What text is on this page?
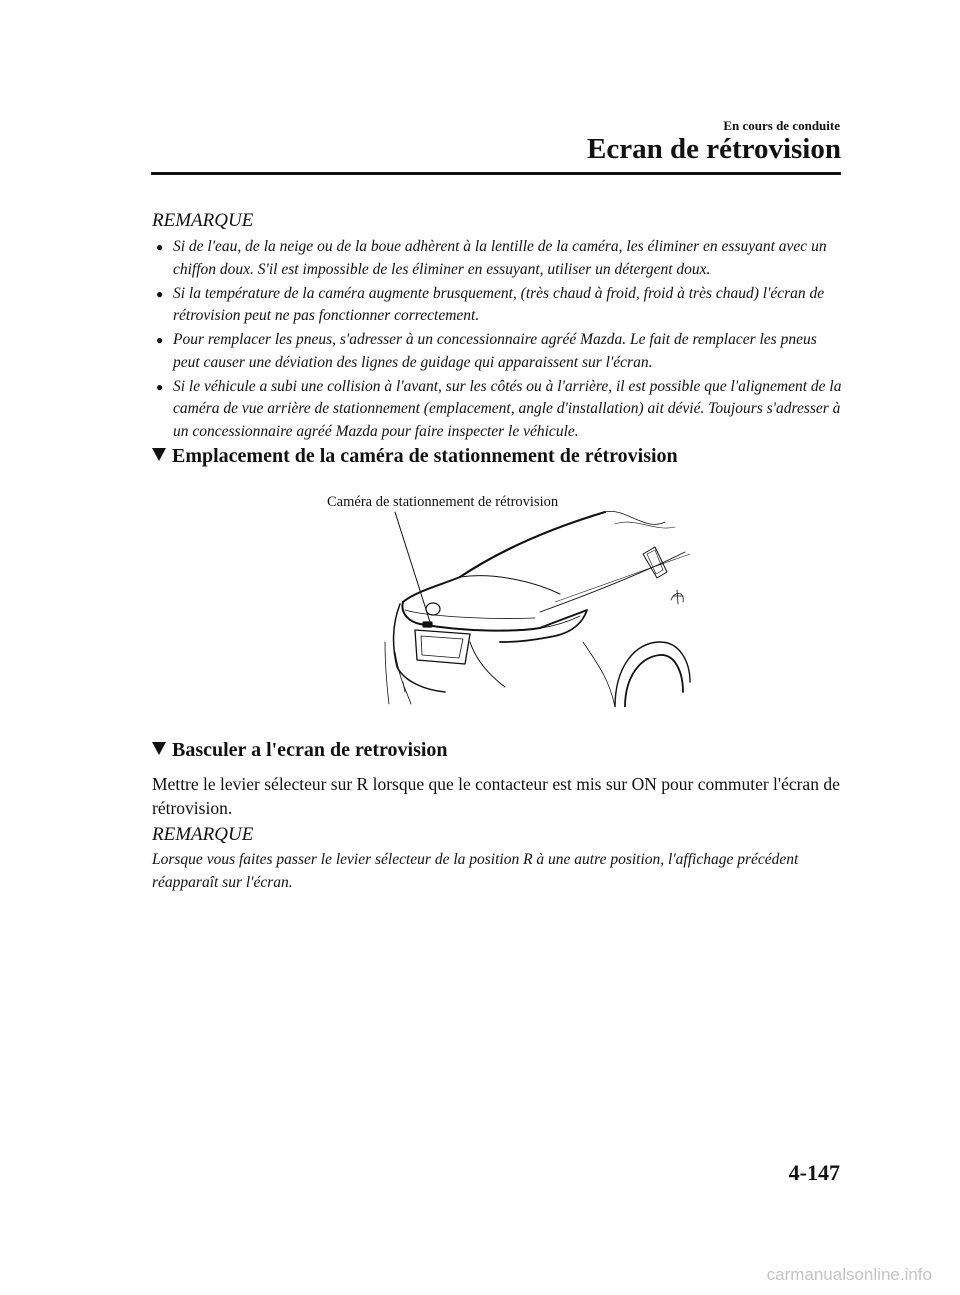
En cours de conduite
Ecran de rétrovision
REMARQUE
● Si de l'eau, de la neige ou de la boue adhèrent à la lentille de la caméra, les éliminer en essuyant avec un chiffon doux. S'il est impossible de les éliminer en essuyant, utiliser un détergent doux.
● Si la température de la caméra augmente brusquement, (très chaud à froid, froid à très chaud) l'écran de rétrovision peut ne pas fonctionner correctement.
● Pour remplacer les pneus, s'adresser à un concessionnaire agréé Mazda. Le fait de remplacer les pneus peut causer une déviation des lignes de guidage qui apparaissent sur l'écran.
● Si le véhicule a subi une collision à l'avant, sur les côtés ou à l'arrière, il est possible que l'alignement de la caméra de vue arrière de stationnement (emplacement, angle d'installation) ait dévié. Toujours s'adresser à un concessionnaire agréé Mazda pour faire inspecter le véhicule.
Emplacement de la caméra de stationnement de rétrovision
Caméra de stationnement de rétrovision
Basculer a l'ecran de retrovision
Mettre le levier sélecteur sur R lorsque que le contacteur est mis sur ON pour commuter l'écran de rétrovision.
REMARQUE
Lorsque vous faites passer le levier sélecteur de la position R à une autre position, l'affichage précédent réapparaît sur l'écran.
4-147
carmanualsonline.info
